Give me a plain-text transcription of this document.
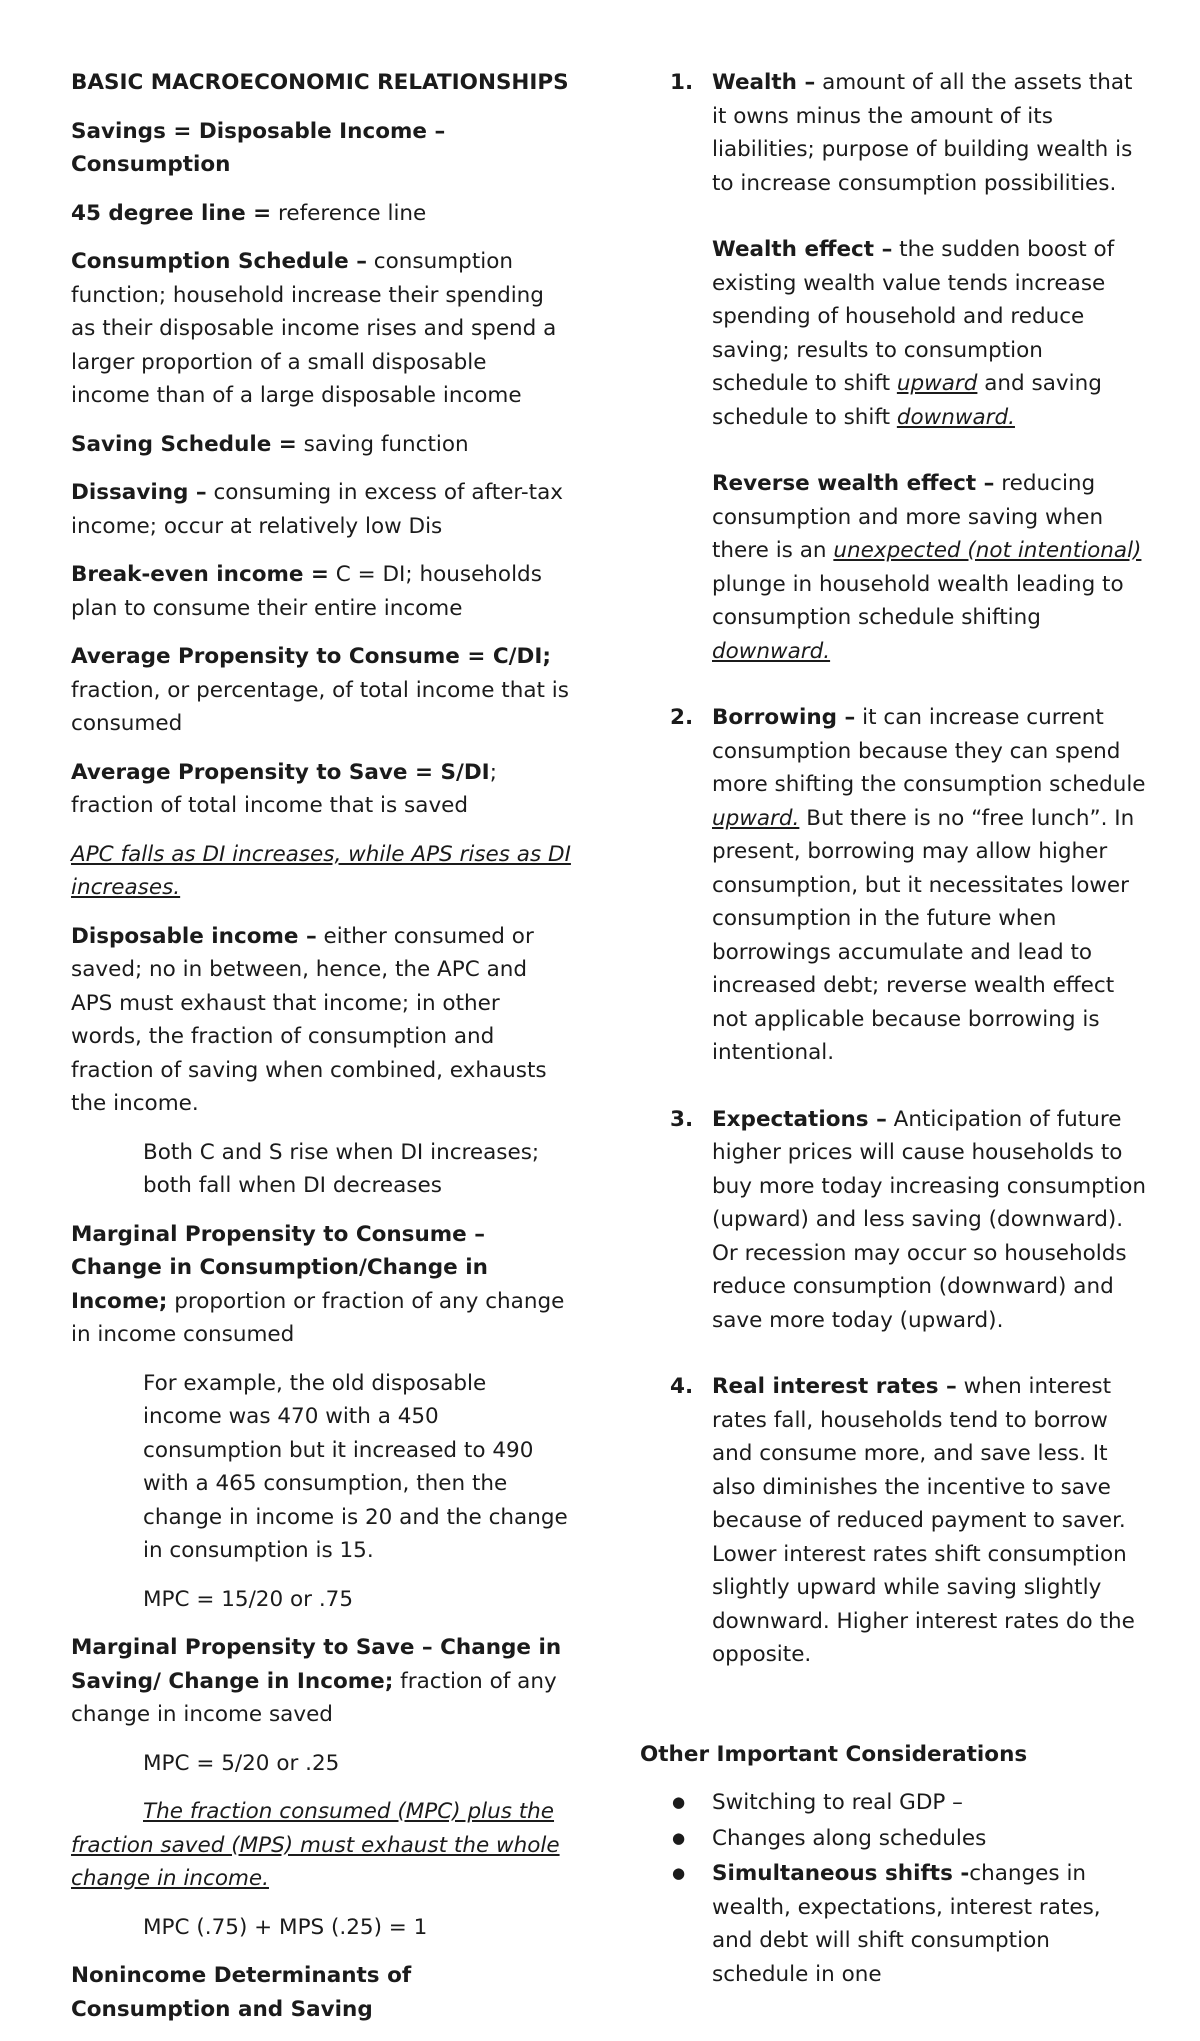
BASIC MACROECONOMIC RELATIONSHIPS

Savings = Disposable Income – Consumption

45 degree line = reference line

Consumption Schedule – consumption function; household increase their spending as their disposable income rises and spend a larger proportion of a small disposable income than of a large disposable income

Saving Schedule = saving function

Dissaving – consuming in excess of after-tax income; occur at relatively low Dis

Break-even income = C = DI; households plan to consume their entire income

Average Propensity to Consume = C/DI; fraction, or percentage, of total income that is consumed

Average Propensity to Save = S/DI; fraction of total income that is saved

APC falls as DI increases, while APS rises as DI increases.

Disposable income – either consumed or saved; no in between, hence, the APC and APS must exhaust that income; in other words, the fraction of consumption and fraction of saving when combined, exhausts the income.

Both C and S rise when DI increases; both fall when DI decreases

Marginal Propensity to Consume – Change in Consumption/Change in Income; proportion or fraction of any change in income consumed

For example, the old disposable income was 470 with a 450 consumption but it increased to 490 with a 465 consumption, then the change in income is 20 and the change in consumption is 15.

MPC = 15/20 or .75

Marginal Propensity to Save – Change in Saving/ Change in Income; fraction of any change in income saved

MPC = 5/20 or .25

The fraction consumed (MPC) plus the fraction saved (MPS) must exhaust the whole change in income.

MPC (.75) + MPS (.25) = 1

Nonincome Determinants of Consumption and Saving

1. Wealth – amount of all the assets that it owns minus the amount of its liabilities; purpose of building wealth is to increase consumption possibilities.
Wealth effect – the sudden boost of existing wealth value tends increase spending of household and reduce saving; results to consumption schedule to shift upward and saving schedule to shift downward.
Reverse wealth effect – reducing consumption and more saving when there is an unexpected (not intentional) plunge in household wealth leading to consumption schedule shifting downward.
2. Borrowing – it can increase current consumption because they can spend more shifting the consumption schedule upward. But there is no “free lunch”. In present, borrowing may allow higher consumption, but it necessitates lower consumption in the future when borrowings accumulate and lead to increased debt; reverse wealth effect not applicable because borrowing is intentional.
3. Expectations – Anticipation of future higher prices will cause households to buy more today increasing consumption (upward) and less saving (downward). Or recession may occur so households reduce consumption (downward) and save more today (upward).
4. Real interest rates – when interest rates fall, households tend to borrow and consume more, and save less. It also diminishes the incentive to save because of reduced payment to saver. Lower interest rates shift consumption slightly upward while saving slightly downward. Higher interest rates do the opposite.

Other Important Considerations

● Switching to real GDP –
● Changes along schedules
● Simultaneous shifts -changes in wealth, expectations, interest rates, and debt will shift consumption schedule in one
